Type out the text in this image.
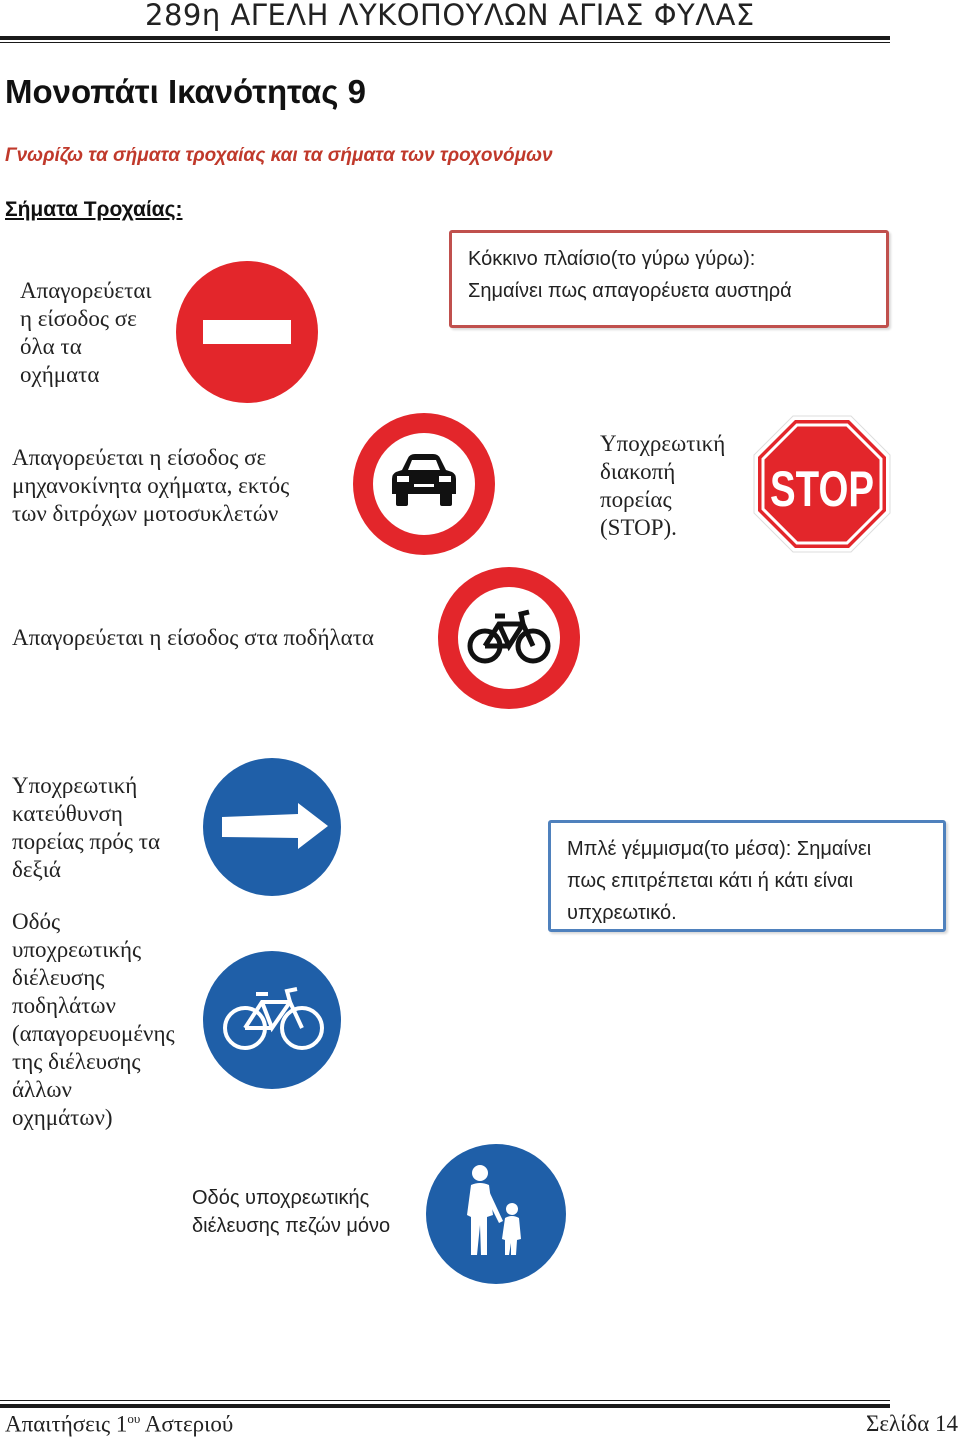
289η ΑΓΕΛΗ ΛΥΚΟΠΟΥΛΩΝ ΑΓΙΑΣ ΦΥΛΑΣ
Μονοπάτι Ικανότητας 9
Γνωρίζω τα σήματα τροχαίας και τα σήματα των τροχονόμων
Σήματα Τροχαίας:
Απαγορεύεται
η είσοδος σε
όλα τα
οχήματα
Κόκκινο πλαίσιο(το γύρω γύρω):
Σημαίνει πως απαγορέυετα αυστηρά
Απαγορεύεται η είσοδος σε
μηχανοκίνητα οχήματα, εκτός
των διτρόχων μοτοσυκλετών
Υποχρεωτική
διακοπή
πορείας
(STOP).
STOP
Απαγορεύεται η είσοδος στα ποδήλατα
Υποχρεωτική
κατεύθυνση
πορείας πρός τα
δεξιά
Μπλέ γέμμισμα(το μέσα): Σημαίνει
πως επιτρέπεται κάτι ή κάτι είναι
υπχρεωτικό.
Οδός
υποχρεωτικής
διέλευσης
ποδηλάτων
(απαγορευομένης
της διέλευσης
άλλων
οχημάτων)
Οδός υποχρεωτικής
διέλευσης πεζών μόνο
Απαιτήσεις $1^{o\upsilon}$ Αστεριού	Σελίδα 14
